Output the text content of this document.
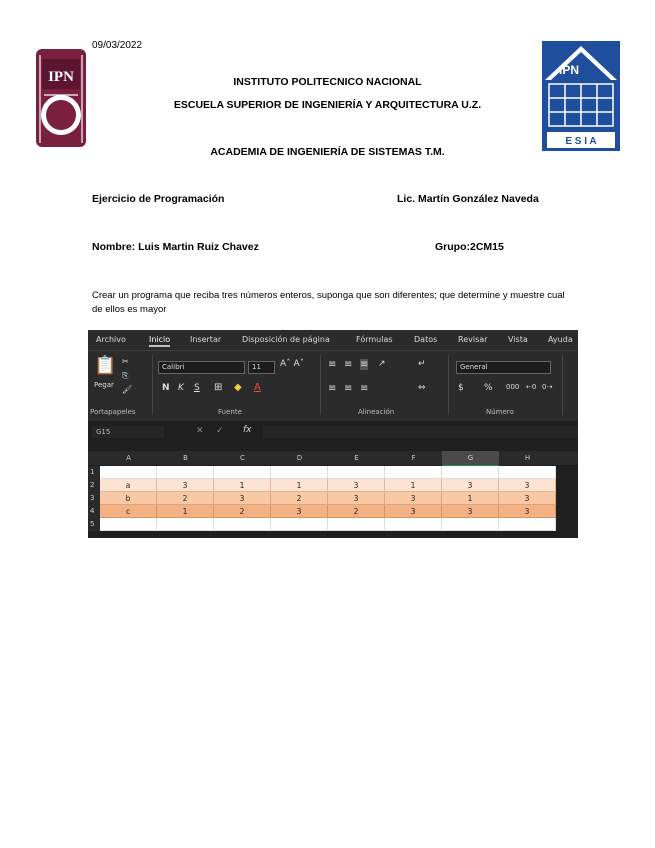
09/03/2022
IPN	IPN
E S I A
INSTITUTO POLITECNICO NACIONAL
ESCUELA SUPERIOR DE INGENIERÍA Y ARQUITECTURA U.Z.
ACADEMIA DE INGENIERÍA DE SISTEMAS T.M.
Ejercicio de Programación	Lic. Martín González Naveda
Nombre: Luis Martin Ruiz Chavez	Grupo:2CM15
Crear un programa que reciba tres números enteros, suponga que son diferentes; que determine y muestre cual de ellos es mayor
Archivo	Inicio Insertar	Disposición de página	Fórmulas	Datos	Revisar	Vista	Ayuda
📋
Pegar
✂
⎘
🖌
Calibri	11	Aˆ Aˇ
N K S ⊞ ◆ A
Portapapeles	Fuente
≡ ≡ ≡ ↗
≡ ≡ ≡
↵
⇔
Alineación
General
$ % 000 ⇠0 0⇢
Número
G15	✕ ✓ fx
A	B	C	D	E	F	G	H
1
2	a	3	1	1	3	1	3	3
3	b	2	3	2	3	3	1	3
4	c	1	2	3	2	3	3	3
5
